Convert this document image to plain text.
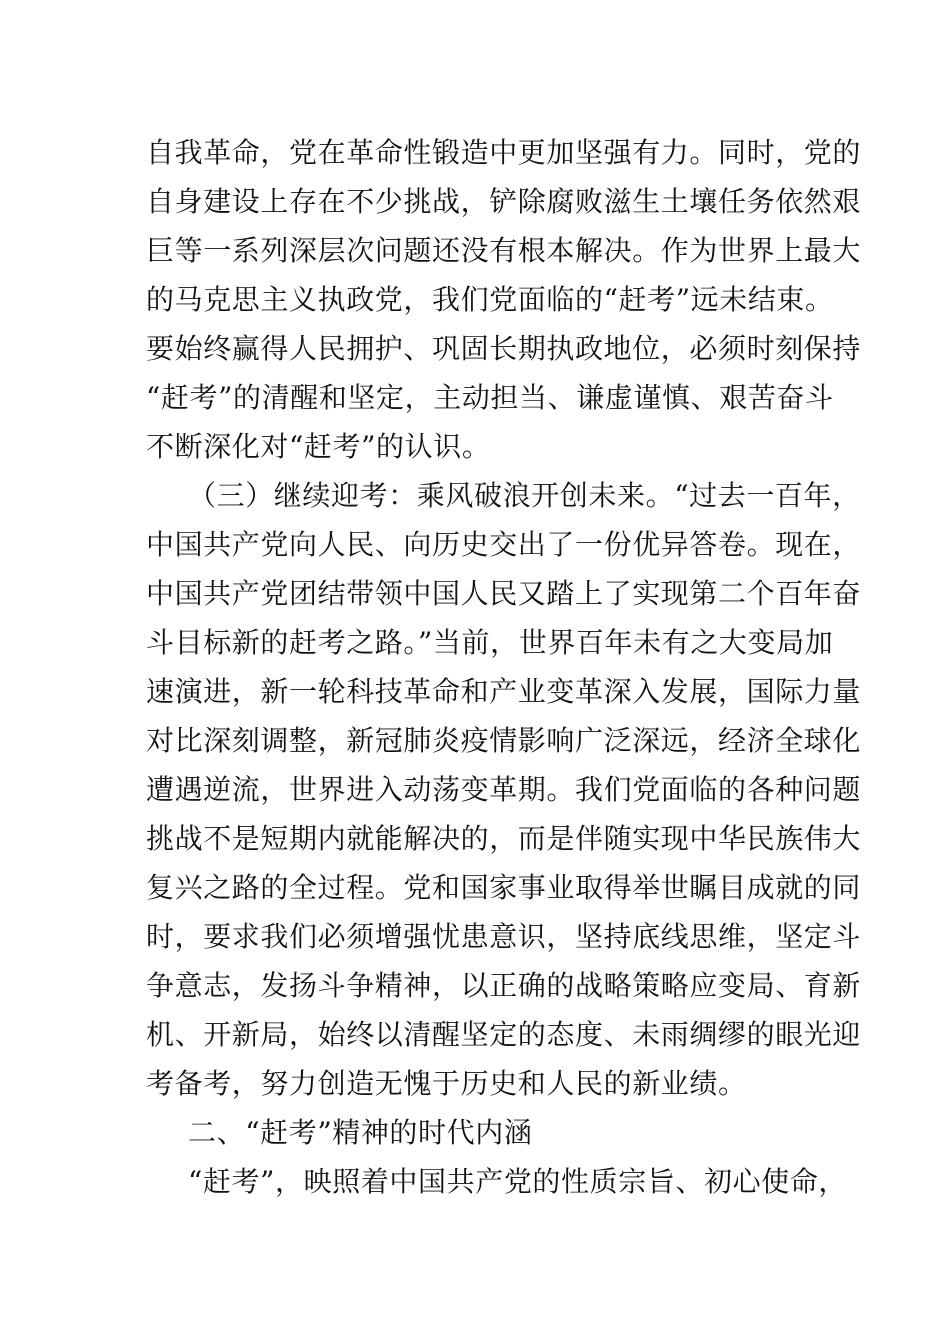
自我革命，党在革命性锻造中更加坚强有力。同时，党的
自身建设上存在不少挑战，铲除腐败滋生土壤任务依然艰
巨等一系列深层次问题还没有根本解决。作为世界上最大
的马克思主义执政党，我们党面临的“赶考”远未结束。
要始终赢得人民拥护、巩固长期执政地位，必须时刻保持
“赶考”的清醒和坚定，主动担当、谦虚谨慎、艰苦奋斗
不断深化对“赶考”的认识。
（三）继续迎考：乘风破浪开创未来。“过去一百年，
中国共产党向人民、向历史交出了一份优异答卷。现在，
中国共产党团结带领中国人民又踏上了实现第二个百年奋
斗目标新的赶考之路。”当前，世界百年未有之大变局加
速演进，新一轮科技革命和产业变革深入发展，国际力量
对比深刻调整，新冠肺炎疫情影响广泛深远，经济全球化
遭遇逆流，世界进入动荡变革期。我们党面临的各种问题
挑战不是短期内就能解决的，而是伴随实现中华民族伟大
复兴之路的全过程。党和国家事业取得举世瞩目成就的同
时，要求我们必须增强忧患意识，坚持底线思维，坚定斗
争意志，发扬斗争精神，以正确的战略策略应变局、育新
机、开新局，始终以清醒坚定的态度、未雨绸缪的眼光迎
考备考，努力创造无愧于历史和人民的新业绩。
二、“赶考”精神的时代内涵
“赶考”，映照着中国共产党的性质宗旨、初心使命，
